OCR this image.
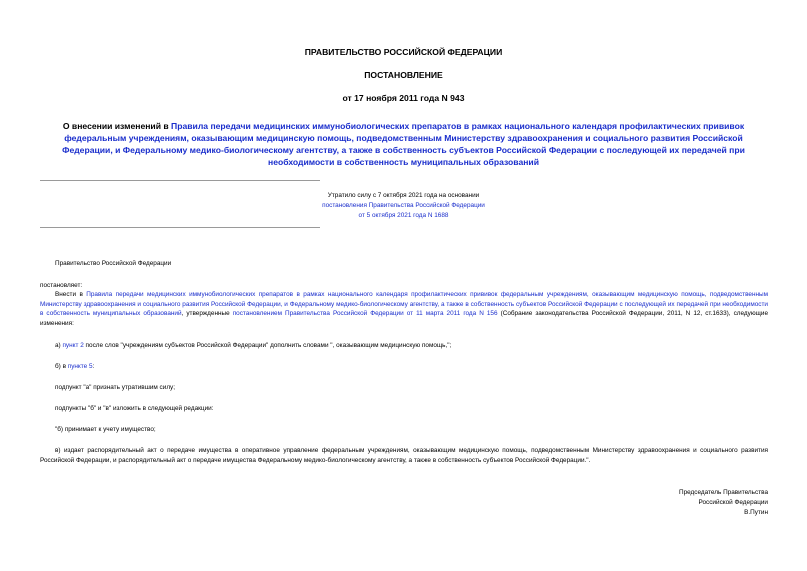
ПРАВИТЕЛЬСТВО РОССИЙСКОЙ ФЕДЕРАЦИИ
ПОСТАНОВЛЕНИЕ
от 17 ноября 2011 года N 943
О внесении изменений в Правила передачи медицинских иммунобиологических препаратов в рамках национального календаря профилактических прививок федеральным учреждениям, оказывающим медицинскую помощь, подведомственным Министерству здравоохранения и социального развития Российской Федерации, и Федеральному медико-биологическому агентству, а также в собственность субъектов Российской Федерации с последующей их передачей при необходимости в собственность муниципальных образований
Утратило силу с 7 октября 2021 года на основании
постановления Правительства Российской Федерации
от 5 октября 2021 года N 1688
Правительство Российской Федерации
постановляет:
Внести в Правила передачи медицинских иммунобиологических препаратов в рамках национального календаря профилактических прививок федеральным учреждениям, оказывающим медицинскую помощь, подведомственным Министерству здравоохранения и социального развития Российской Федерации, и Федеральному медико-биологическому агентству, а также в собственность субъектов Российской Федерации с последующей их передачей при необходимости в собственность муниципальных образований, утвержденные постановлением Правительства Российской Федерации от 11 марта 2011 года N 156 (Собрание законодательства Российской Федерации, 2011, N 12, ст.1633), следующие изменения:
а) пункт 2 после слов "учреждениям субъектов Российской Федерации" дополнить словами ", оказывающим медицинскую помощь,";
б) в пункте 5:
подпункт "а" признать утратившим силу;
подпункты "б" и "в" изложить в следующей редакции:
"б) принимает к учету имущество;
в) издает распорядительный акт о передаче имущества в оперативное управление федеральным учреждениям, оказывающим медицинскую помощь, подведомственным Министерству здравоохранения и социального развития Российской Федерации, и распорядительный акт о передаче имущества Федеральному медико-биологическому агентству, а также в собственность субъектов Российской Федерации.".
Председатель Правительства
Российской Федерации
В.Путин
